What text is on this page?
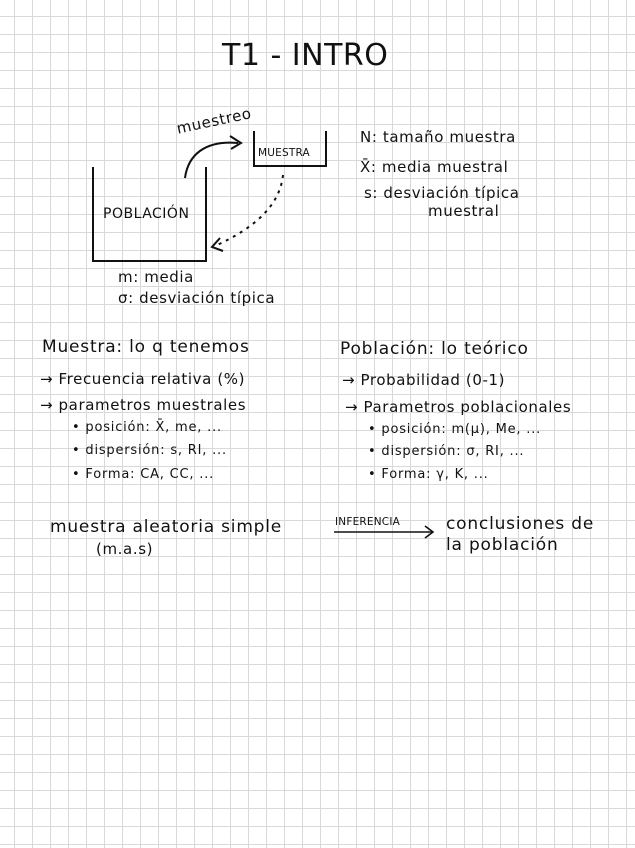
T1 - INTRO
POBLACIÓN
MUESTRA
muestreo
m: media
σ: desviación típica
N: tamaño muestra
X̄: media muestral
s: desviación típica
muestral
Muestra: lo q tenemos
→ Frecuencia relativa (%)
→ parametros muestrales
• posición: X̄, me, ...
• dispersión: s, RI, ...
• Forma: CA, CC, ...
Población: lo teórico
→ Probabilidad (0-1)
→ Parametros poblacionales
• posición: m(μ), Me, ...
• dispersión: σ, RI, ...
• Forma: γ, K, ...
muestra aleatoria simple
(m.a.s)
INFERENCIA	conclusiones de
la población
